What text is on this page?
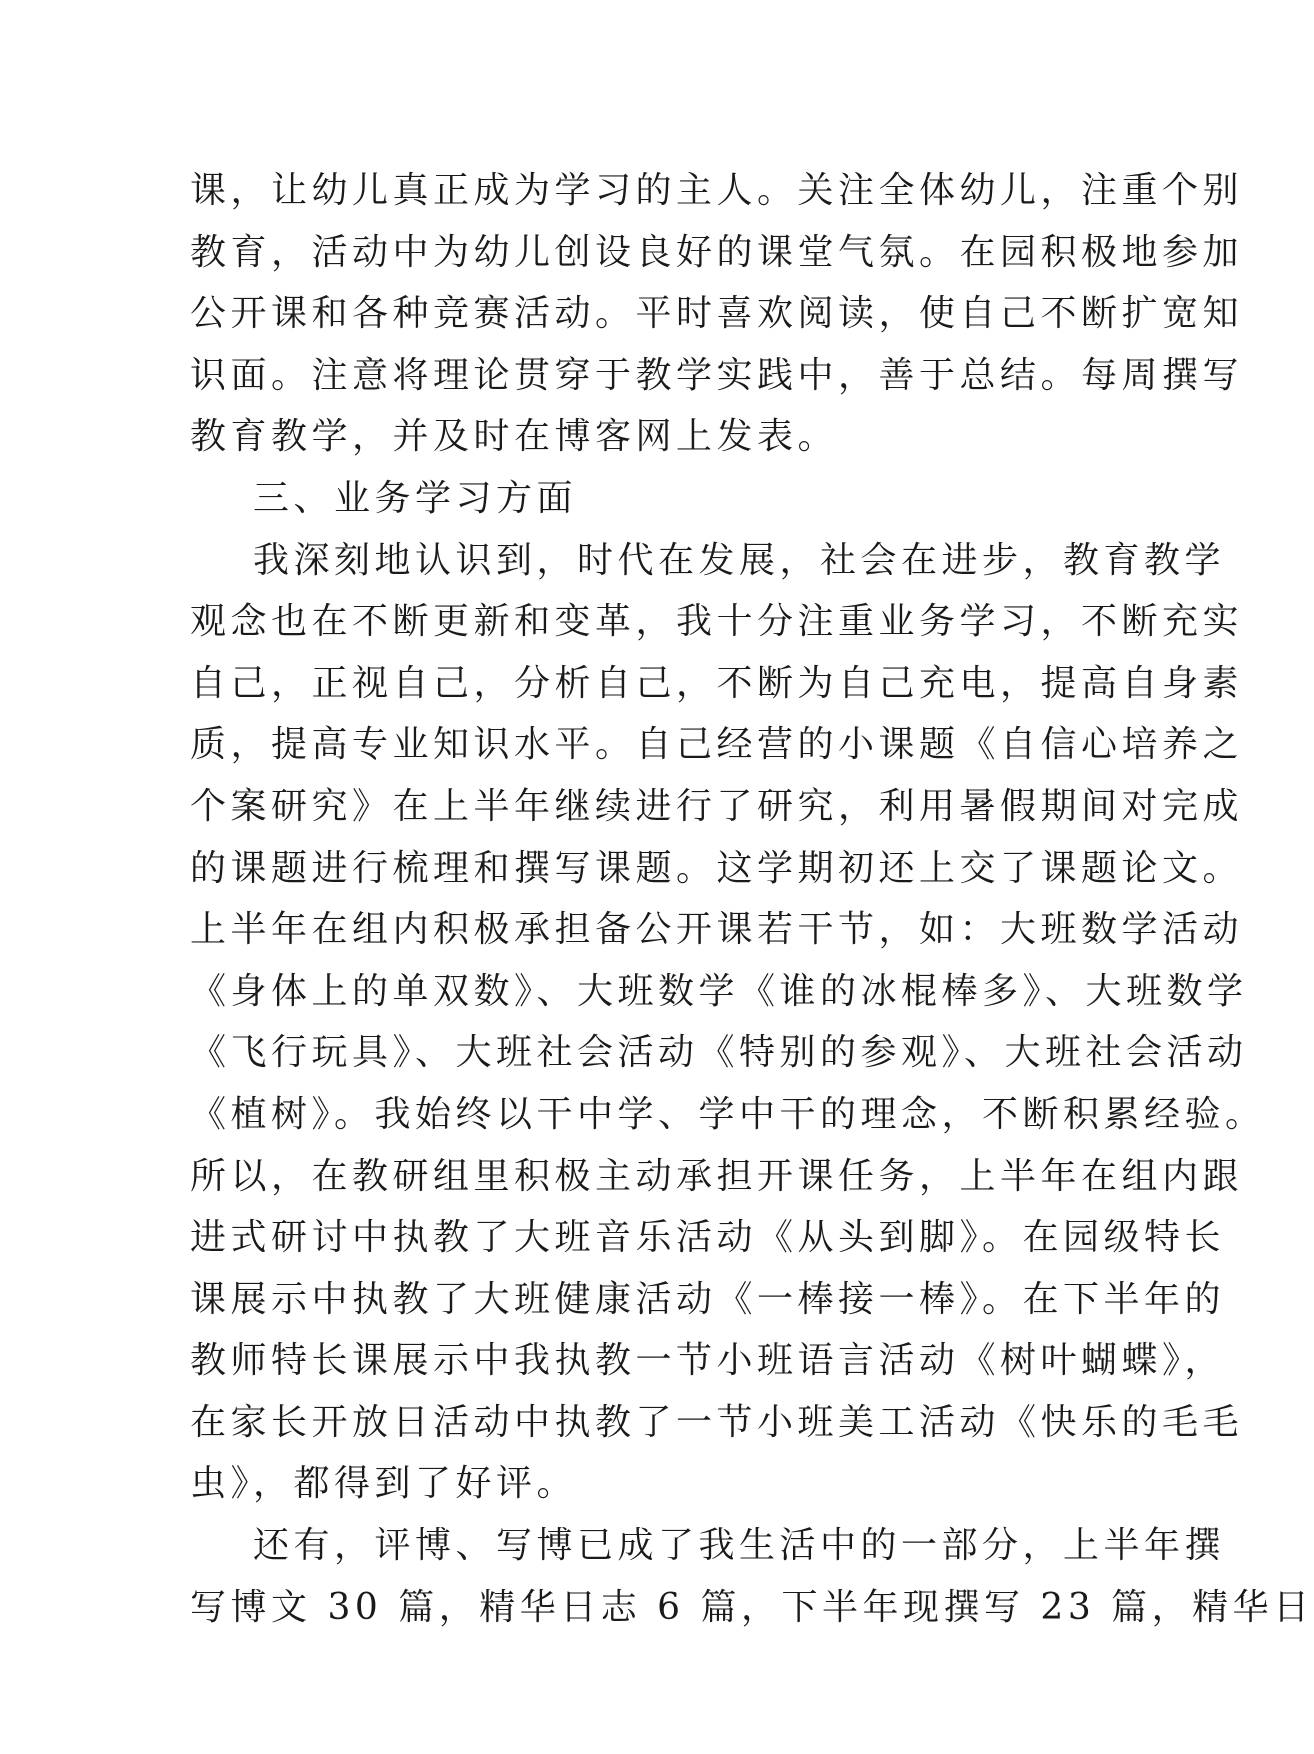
课，让幼儿真正成为学习的主人。关注全体幼儿，注重个别
教育，活动中为幼儿创设良好的课堂气氛。在园积极地参加
公开课和各种竞赛活动。平时喜欢阅读，使自己不断扩宽知
识面。注意将理论贯穿于教学实践中，善于总结。每周撰写
教育教学，并及时在博客网上发表。
三、业务学习方面
我深刻地认识到，时代在发展，社会在进步，教育教学
观念也在不断更新和变革，我十分注重业务学习，不断充实
自己，正视自己，分析自己，不断为自己充电，提高自身素
质，提高专业知识水平。自己经营的小课题《自信心培养之
个案研究》在上半年继续进行了研究，利用暑假期间对完成
的课题进行梳理和撰写课题。这学期初还上交了课题论文。
上半年在组内积极承担备公开课若干节，如：大班数学活动
《身体上的单双数》、大班数学《谁的冰棍棒多》、大班数学
《飞行玩具》、大班社会活动《特别的参观》、大班社会活动
《植树》。我始终以干中学、学中干的理念，不断积累经验。
所以，在教研组里积极主动承担开课任务，上半年在组内跟
进式研讨中执教了大班音乐活动《从头到脚》。在园级特长
课展示中执教了大班健康活动《一棒接一棒》。在下半年的
教师特长课展示中我执教一节小班语言活动《树叶蝴蝶》，
在家长开放日活动中执教了一节小班美工活动《快乐的毛毛
虫》，都得到了好评。
还有，评博、写博已成了我生活中的一部分，上半年撰
写博文 30 篇，精华日志 6 篇，下半年现撰写 23 篇，精华日
